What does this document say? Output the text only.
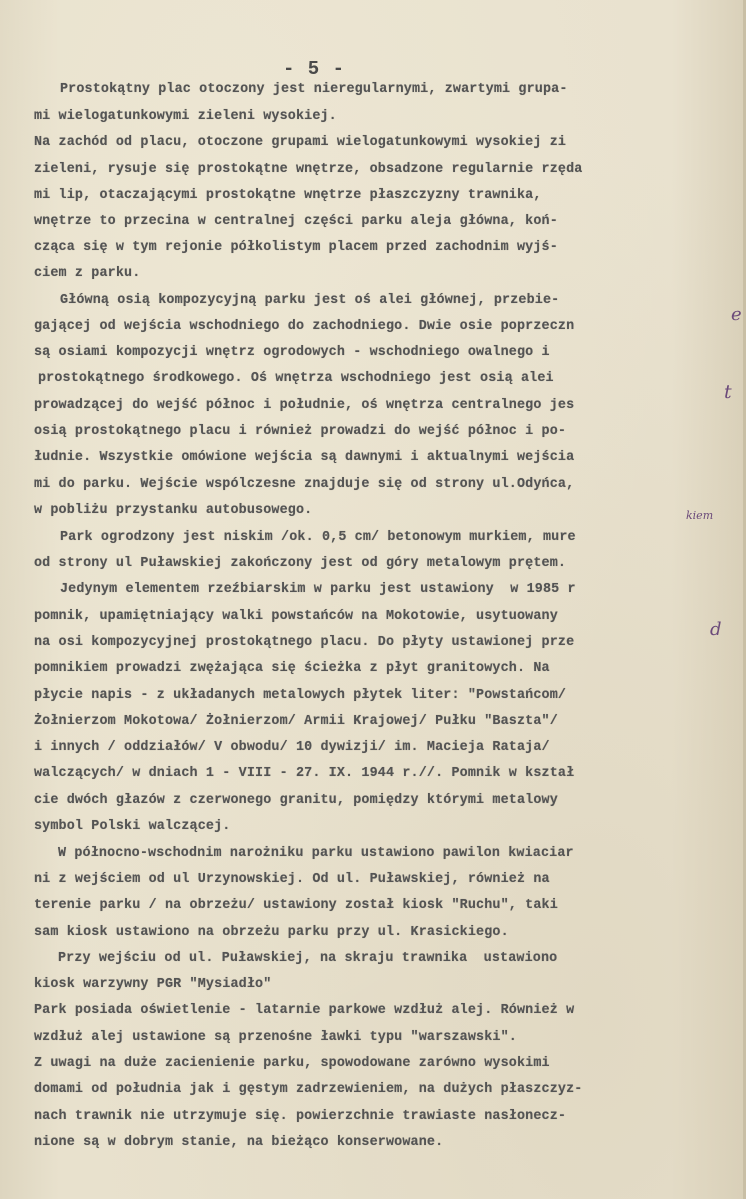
- 5 -
Prostokątny plac otoczony jest nieregularnymi, zwartymi grupa-
mi wielogatunkowymi zieleni wysokiej.
Na zachód od placu, otoczone grupami wielogatunkowymi wysokiej zi
zieleni, rysuje się prostokątne wnętrze, obsadzone regularnie rzęda
mi lip, otaczającymi prostokątne wnętrze płaszczyzny trawnika,
wnętrze to przecina w centralnej części parku aleja główna, koń-
cząca się w tym rejonie półkolistym placem przed zachodnim wyjś-
ciem z parku.
Główną osią kompozycyjną parku jest oś alei głównej, przebie-
gającej od wejścia wschodniego do zachodniego. Dwie osie poprzeczn
są osiami kompozycji wnętrz ogrodowych - wschodniego owalnego i
prostokątnego środkowego. Oś wnętrza wschodniego jest osią alei
prowadzącej do wejść północ i południe, oś wnętrza centralnego jes
osią prostokątnego placu i również prowadzi do wejść północ i po-
łudnie. Wszystkie omówione wejścia są dawnymi i aktualnymi wejścia
mi do parku. Wejście wspólczesne znajduje się od strony ul.Odyńca,
w pobliżu przystanku autobusowego.
Park ogrodzony jest niskim /ok. 0,5 cm/ betonowym murkiem, mure
od strony ul Puławskiej zakończony jest od góry metalowym prętem.
Jedynym elementem rzeźbiarskim w parku jest ustawiony  w 1985 r
pomnik, upamiętniający walki powstańców na Mokotowie, usytuowany
na osi kompozycyjnej prostokątnego placu. Do płyty ustawionej prze
pomnikiem prowadzi zwężająca się ścieżka z płyt granitowych. Na
płycie napis - z układanych metalowych płytek liter: "Powstańcom/
Żołnierzom Mokotowa/ Żołnierzom/ Armii Krajowej/ Pułku "Baszta"/
i innych / oddziałów/ V obwodu/ 10 dywizji/ im. Macieja Rataja/
walczących/ w dniach 1 - VIII - 27. IX. 1944 r.//. Pomnik w kształ
cie dwóch głazów z czerwonego granitu, pomiędzy którymi metalowy
symbol Polski walczącej.
W północno-wschodnim narożniku parku ustawiono pawilon kwiaciar
ni z wejściem od ul Urzynowskiej. Od ul. Puławskiej, również na
terenie parku / na obrzeżu/ ustawiony został kiosk "Ruchu", taki
sam kiosk ustawiono na obrzeżu parku przy ul. Krasickiego.
Przy wejściu od ul. Puławskiej, na skraju trawnika  ustawiono
kiosk warzywny PGR "Mysiadło"
Park posiada oświetlenie - latarnie parkowe wzdłuż alej. Również w
wzdłuż alej ustawione są przenośne ławki typu "warszawski".
Z uwagi na duże zacienienie parku, spowodowane zarówno wysokimi
domami od południa jak i gęstym zadrzewieniem, na dużych płaszczyz-
nach trawnik nie utrzymuje się. powierzchnie trawiaste nasłonecz-
nione są w dobrym stanie, na bieżąco konserwowane.
e
t
kiem
d
